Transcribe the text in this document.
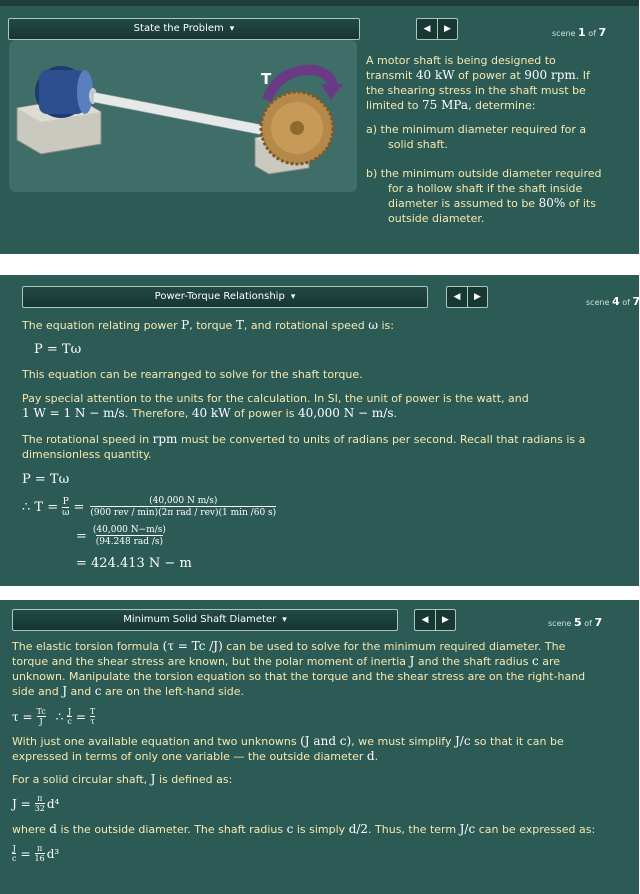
State the Problem ▾	◀	▶	scene 1 of 7
T
A motor shaft is being designed to
transmit 40 kW of power at 900 rpm. If
the shearing stress in the shaft must be
limited to 75 MPa, determine:
a) the minimum diameter required for a
solid shaft.
b) the minimum outside diameter required
for a hollow shaft if the shaft inside
diameter is assumed to be 80% of its
outside diameter.
Power-Torque Relationship ▾	◀	▶
scene 4 of 7
The equation relating power P, torque T, and rotational speed ω is:
P = Tω
This equation can be rearranged to solve for the shaft torque.
Pay special attention to the units for the calculation. In SI, the unit of power is the watt, and
1 W = 1 N − m/s. Therefore, 40 kW of power is 40,000 N − m/s.
The rotational speed in rpm must be converted to units of radians per second. Recall that radians is a
dimensionless quantity.
P = Tω
∴ $T = \frac{P}{\omega}$ =	(40,000 N m/s)
(900 rev / min)(2π rad / rev)(1 min /60 s)
= (40,000 N−m/s)
(94.248 rad /s)
= 424.413 N − m
Minimum Solid Shaft Diameter ▾	◀	▶	scene 5 of 7
The elastic torsion formula (τ = Tc /J) can be used to solve for the minimum required diameter. The
torque and the shear stress are known, but the polar moment of inertia J and the shaft radius c are
unknown. Manipulate the torsion equation so that the torque and the shear stress are on the right-hand
side and J and c are on the left-hand side.
$\tau = \frac{Tc}{J}$ ∴ $\frac{J}{c} = \frac{T}{\tau}$
With just one available equation and two unknowns (J and c), we must simplify J/c so that it can be
expressed in terms of only one variable — the outside diameter d.
For a solid circular shaft, J is defined as:
$J = \frac{\pi}{32} d^4$
where d is the outside diameter. The shaft radius c is simply d/2. Thus, the term J/c can be expressed as:
$\frac{J}{c} = \frac{\pi}{16} d^3$
